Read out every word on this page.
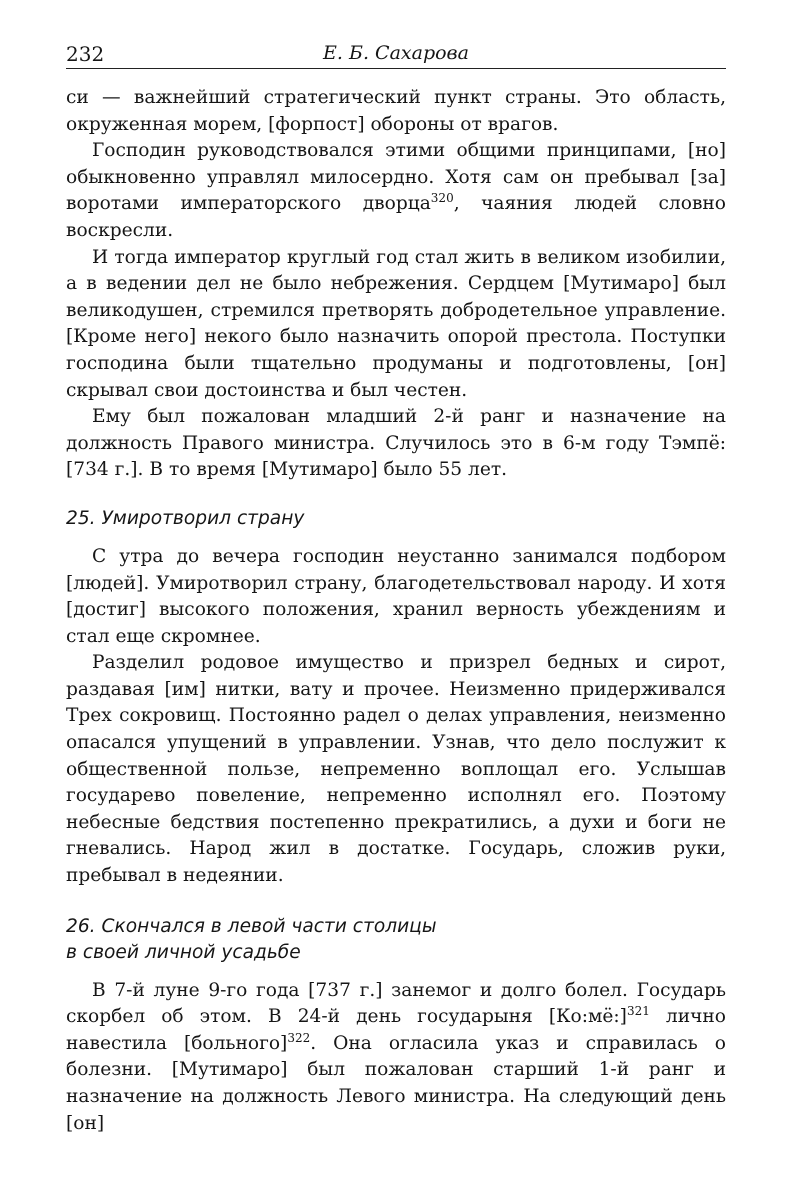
232	Е. Б. Сахарова

си — важнейший стратегический пункт страны. Это область, окруженная морем, [форпост] обороны от врагов.

Господин руководствовался этими общими принципами, [но] обыкновенно управлял милосердно. Хотя сам он пребывал [за] воротами императорского дворца$^{320}$, чаяния людей словно воскресли.

И тогда император круглый год стал жить в великом изобилии, а в ведении дел не было небрежения. Сердцем [Мутимаро] был великодушен, стремился претворять добродетельное управление. [Кроме него] некого было назначить опорой престола. Поступки господина были тщательно продуманы и подготовлены, [он] скрывал свои достоинства и был честен.

Ему был пожалован младший 2-й ранг и назначение на должность Правого министра. Случилось это в 6-м году Тэмпё: [734 г.]. В то время [Мутимаро] было 55 лет.

25. Умиротворил страну

С утра до вечера господин неустанно занимался подбором [людей]. Умиротворил страну, благодетельствовал народу. И хотя [достиг] высокого положения, хранил верность убеждениям и стал еще скромнее.

Разделил родовое имущество и призрел бедных и сирот, раздавая [им] нитки, вату и прочее. Неизменно придерживался Трех сокровищ. Постоянно радел о делах управления, неизменно опасался упущений в управлении. Узнав, что дело послужит к общественной пользе, непременно воплощал его. Услышав государево повеление, непременно исполнял его. Поэтому небесные бедствия постепенно прекратились, а духи и боги не гневались. Народ жил в достатке. Государь, сложив руки, пребывал в недеянии.

26. Скончался в левой части столицы
в своей личной усадьбе

В 7-й луне 9-го года [737 г.] занемог и долго болел. Государь скорбел об этом. В 24-й день государыня [Ко:мё:]$^{321}$ лично навестила [больного]$^{322}$. Она огласила указ и справилась о болезни. [Мутимаро] был пожалован старший 1-й ранг и назначение на должность Левого министра. На следующий день [он]
